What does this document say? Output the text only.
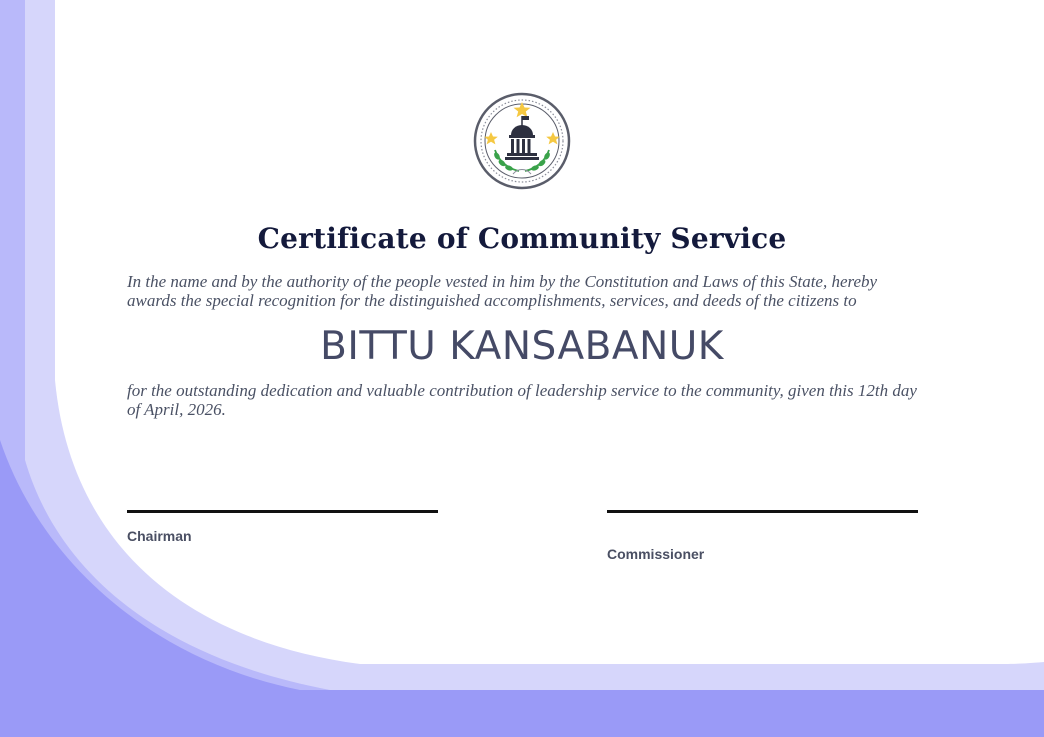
Certificate of Community Service
In the name and by the authority of the people vested in him by the Constitution and Laws of this State, hereby awards the special recognition for the distinguished accomplishments, services, and deeds of the citizens to
BITTU KANSABANUK
for the outstanding dedication and valuable contribution of leadership service to the community, given this 12th day of April, 2026.
Chairman
Commissioner
